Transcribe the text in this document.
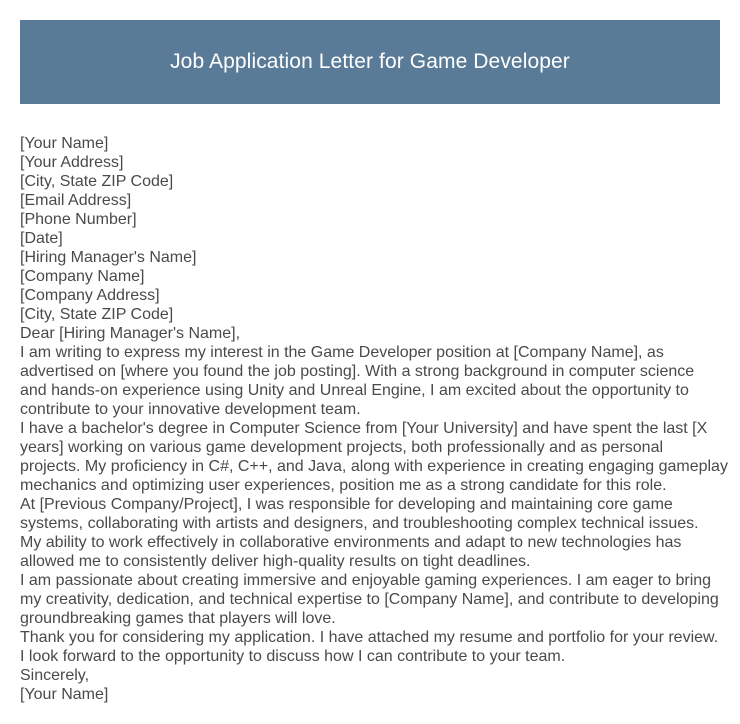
Job Application Letter for Game Developer
[Your Name]
[Your Address]
[City, State ZIP Code]
[Email Address]
[Phone Number]
[Date]
[Hiring Manager's Name]
[Company Name]
[Company Address]
[City, State ZIP Code]
Dear [Hiring Manager's Name],
I am writing to express my interest in the Game Developer position at [Company Name], as
advertised on [where you found the job posting]. With a strong background in computer science
and hands-on experience using Unity and Unreal Engine, I am excited about the opportunity to
contribute to your innovative development team.
I have a bachelor's degree in Computer Science from [Your University] and have spent the last [X
years] working on various game development projects, both professionally and as personal
projects. My proficiency in C#, C++, and Java, along with experience in creating engaging gameplay
mechanics and optimizing user experiences, position me as a strong candidate for this role.
At [Previous Company/Project], I was responsible for developing and maintaining core game
systems, collaborating with artists and designers, and troubleshooting complex technical issues.
My ability to work effectively in collaborative environments and adapt to new technologies has
allowed me to consistently deliver high-quality results on tight deadlines.
I am passionate about creating immersive and enjoyable gaming experiences. I am eager to bring
my creativity, dedication, and technical expertise to [Company Name], and contribute to developing
groundbreaking games that players will love.
Thank you for considering my application. I have attached my resume and portfolio for your review.
I look forward to the opportunity to discuss how I can contribute to your team.
Sincerely,
[Your Name]
